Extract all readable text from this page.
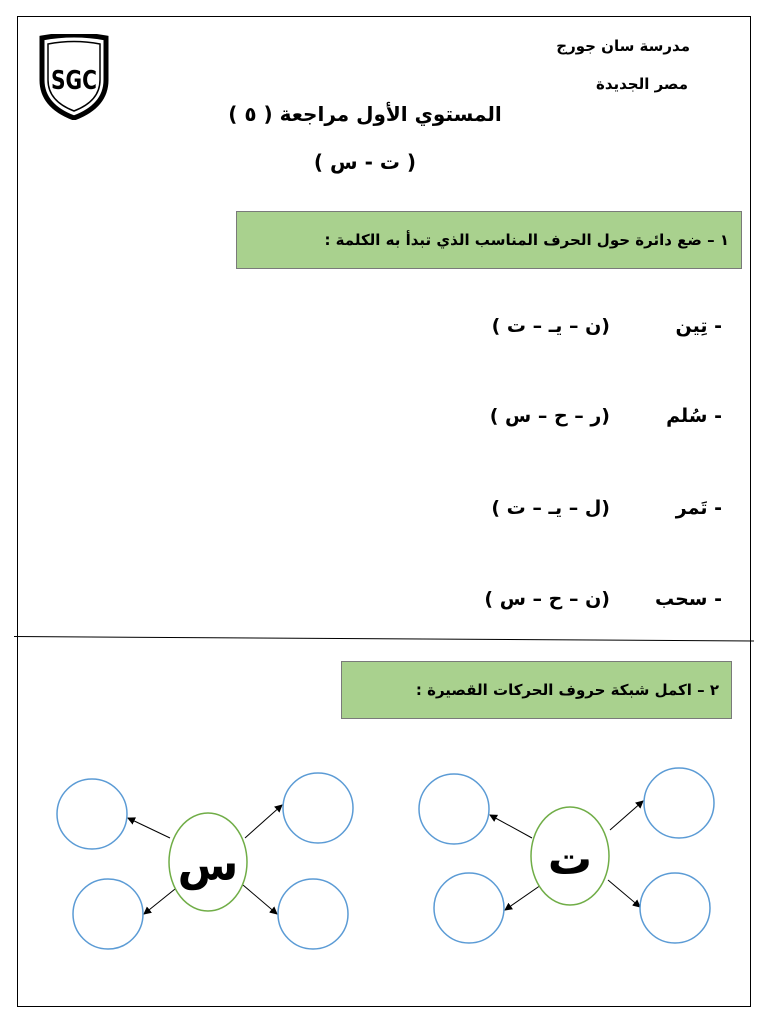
SGC
مدرسة سان جورج
مصر الجديدة
المستوي الأول مراجعة ( ٥ )
( ت - س )
١ – ضع دائرة حول الحرف المناسب الذي تبدأ به الكلمة :
- تِين
(ن – يـ – ت )
- سُلم
(ر – ح – س )
- تَمر
(ل – يـ – ت )
- سحب
(ن – ح – س )
٢ – اكمل شبكة حروف الحركات القصيرة :
س	ت
